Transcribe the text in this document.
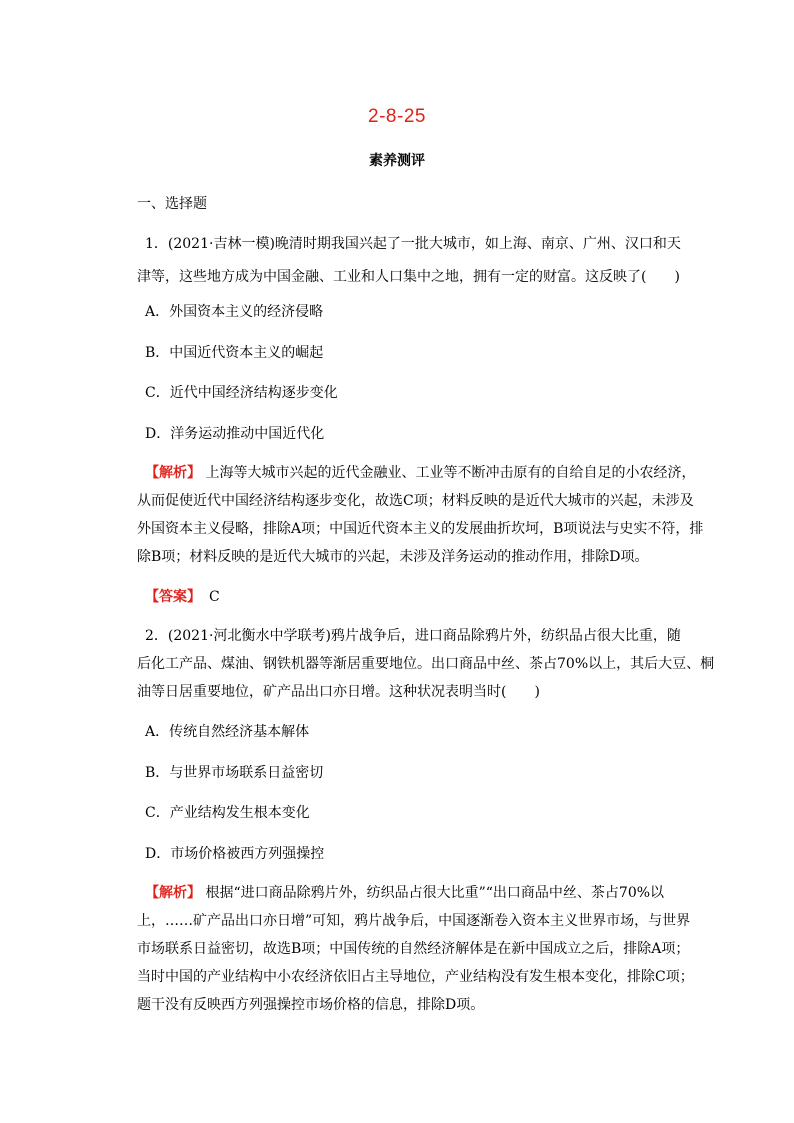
2-8-25
素养测评
一、选择题
1．(2021·吉林一模)晚清时期我国兴起了一批大城市，如上海、南京、广州、汉口和天
津等，这些地方成为中国金融、工业和人口集中之地，拥有一定的财富。这反映了(　　)
A．外国资本主义的经济侵略
B．中国近代资本主义的崛起
C．近代中国经济结构逐步变化
D．洋务运动推动中国近代化
【解析】 上海等大城市兴起的近代金融业、工业等不断冲击原有的自给自足的小农经济，
从而促使近代中国经济结构逐步变化，故选C项；材料反映的是近代大城市的兴起，未涉及
外国资本主义侵略，排除A项；中国近代资本主义的发展曲折坎坷，B项说法与史实不符，排
除B项；材料反映的是近代大城市的兴起，未涉及洋务运动的推动作用，排除D项。
【答案】 C
2．(2021·河北衡水中学联考)鸦片战争后，进口商品除鸦片外，纺织品占很大比重，随
后化工产品、煤油、钢铁机器等渐居重要地位。出口商品中丝、茶占70%以上，其后大豆、桐
油等日居重要地位，矿产品出口亦日增。这种状况表明当时(　　)
A．传统自然经济基本解体
B．与世界市场联系日益密切
C．产业结构发生根本变化
D．市场价格被西方列强操控
【解析】 根据“进口商品除鸦片外，纺织品占很大比重”“出口商品中丝、茶占70%以
上，……矿产品出口亦日增”可知，鸦片战争后，中国逐渐卷入资本主义世界市场，与世界
市场联系日益密切，故选B项；中国传统的自然经济解体是在新中国成立之后，排除A项；
当时中国的产业结构中小农经济依旧占主导地位，产业结构没有发生根本变化，排除C项；
题干没有反映西方列强操控市场价格的信息，排除D项。
